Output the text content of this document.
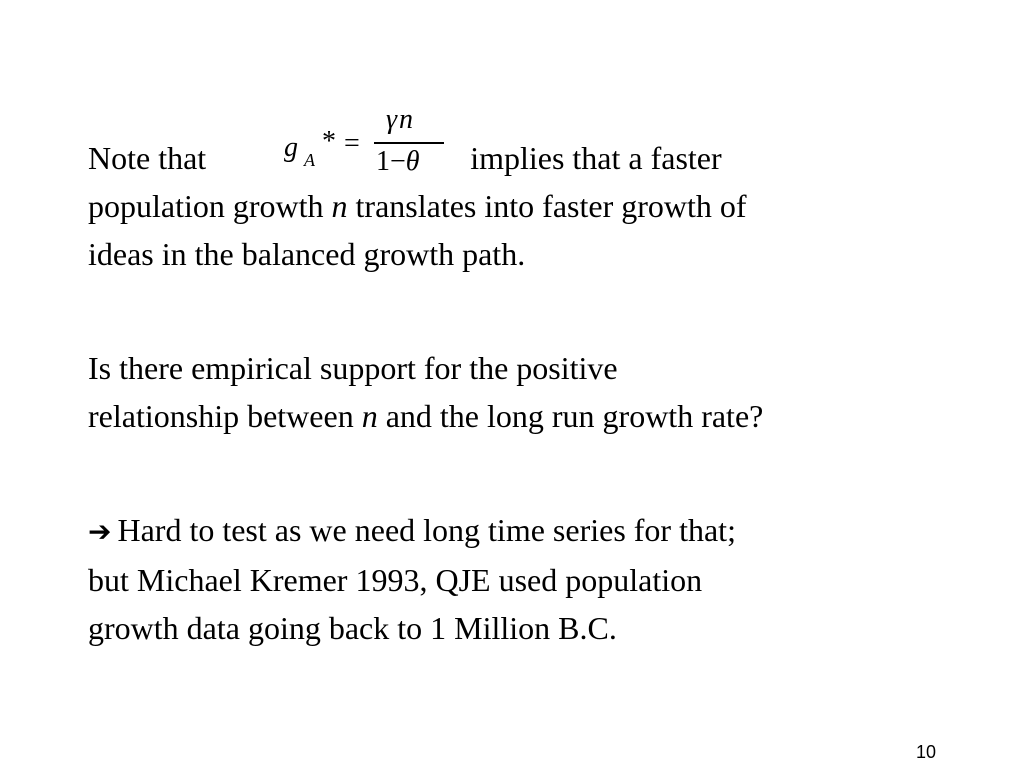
g A
* =
γn
1−θ

Note that	implies that a faster
population growth n translates into faster growth of
ideas in the balanced growth path.

Is there empirical support for the positive
relationship between n and the long run growth rate?

➔ Hard to test as we need long time series for that;
but Michael Kremer 1993, QJE used population
growth data going back to 1 Million B.C.

10
